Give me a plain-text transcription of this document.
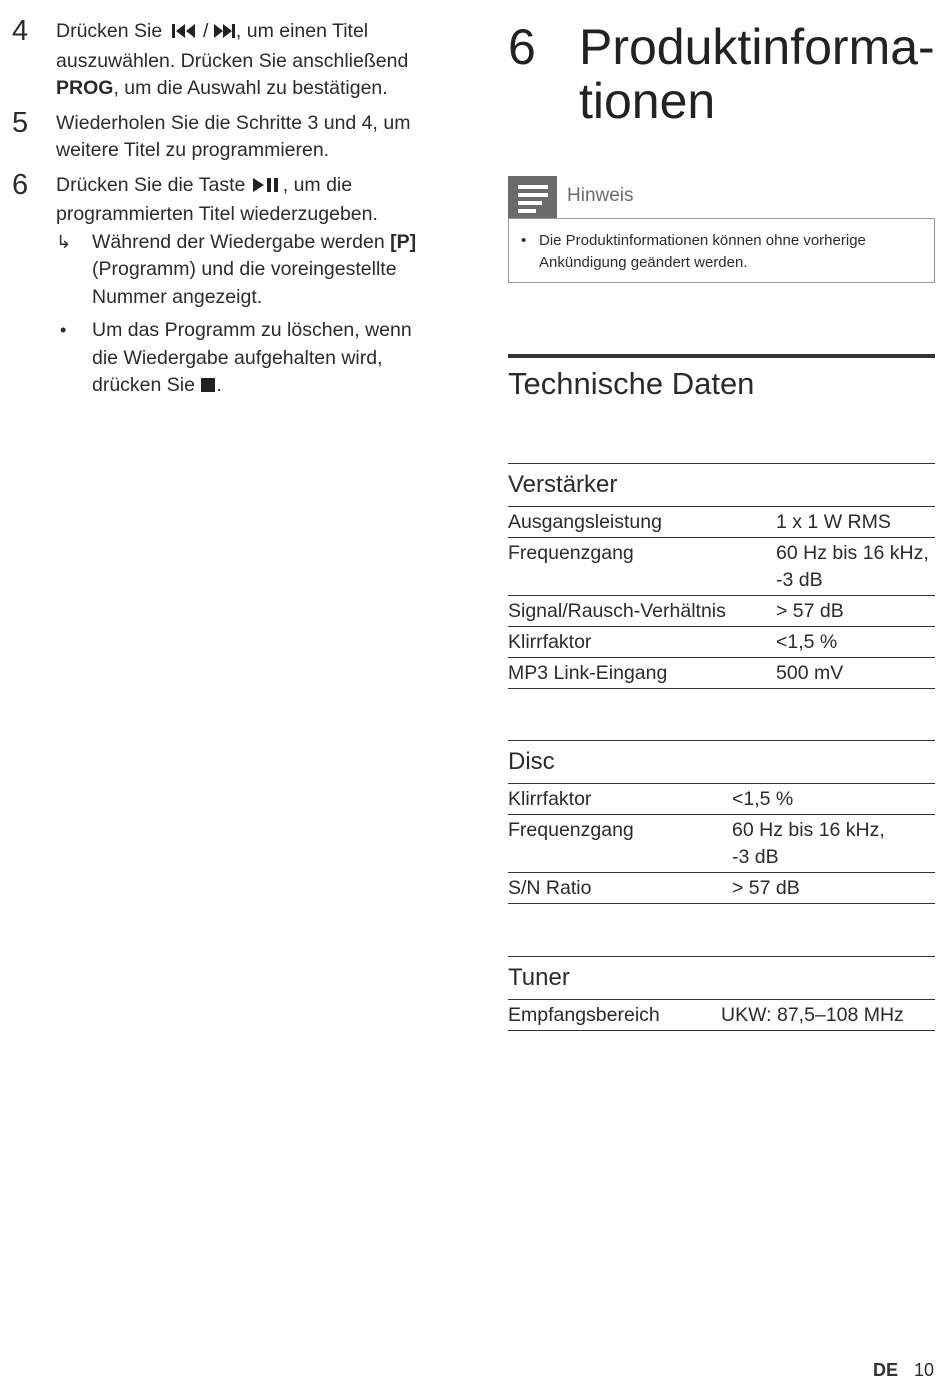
4 Drücken Sie  / , um einen Titel auszuwählen. Drücken Sie anschließend PROG, um die Auswahl zu bestätigen.
5 Wiederholen Sie die Schritte 3 und 4, um weitere Titel zu programmieren.
6 Drücken Sie die Taste , um die programmierten Titel wiederzugeben.
↳ Während der Wiedergabe werden [P] (Programm) und die voreingestellte Nummer angezeigt.
• Um das Programm zu löschen, wenn die Wiedergabe aufgehalten wird, drücken Sie .
6 Produktinforma-
tionen
Hinweis
• Die Produktinformationen können ohne vorherige Ankündigung geändert werden.
Technische Daten
Verstärker
Ausgangsleistung	1 x 1 W RMS
Frequenzgang
	60 Hz bis 16 kHz, -3 dB
Signal/Rausch-Verhältnis	> 57 dB
Klirrfaktor	<1,5 %
MP3 Link-Eingang	500 mV
Disc
Klirrfaktor	<1,5 %
Frequenzgang
	60 Hz bis 16 kHz, -3 dB
S/N Ratio	> 57 dB
Tuner
Empfangsbereich	UKW: 87,5–108 MHz
DE 10
